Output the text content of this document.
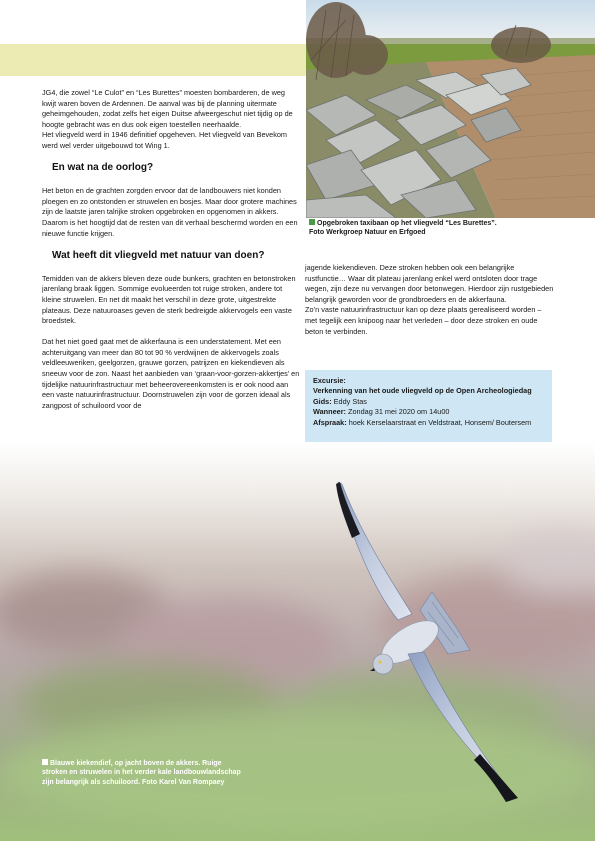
JG4, die zowel “Le Culot” en “Les Burettes” moesten bombarderen, de weg kwijt waren boven de Ardennen. De aanval was bij de planning uitermate geheimgehouden, zodat zelfs het eigen Duitse afweergeschut niet tijdig op de hoogte gebracht was en dus ook eigen toestellen neerhaalde.

Het vliegveld werd in 1946 definitief opgeheven. Het vliegveld van Bevekom werd wel verder uitgebouwd tot Wing 1.

En wat na de oorlog?

Het beton en de grachten zorgden ervoor dat de landbouwers niet konden ploegen en zo ontstonden er struwelen en bosjes. Maar door grotere machines zijn de laatste jaren talrijke stroken opgebroken en opgenomen in akkers. Daarom is het hoogtijd dat de resten van dit verhaal beschermd worden en een nieuwe functie krijgen.

Wat heeft dit vliegveld met natuur van doen?

Temidden van de akkers bleven deze oude bunkers, grachten en betonstroken jarenlang braak liggen. Sommige evolueerden tot ruige stroken, andere tot kleine struwelen. En net dit maakt het verschil in deze grote, uitgestrekte plateaus. Deze natuuroases geven de sterk bedreigde akkervogels een vaste broedstek.

Dat het niet goed gaat met de akkerfauna is een understatement. Met een achteruitgang van meer dan 80 tot 90 % verdwijnen de akkervogels zoals veldleeuweriken, geelgorzen, grauwe gorzen, patrijzen en kiekendieven als sneeuw voor de zon. Naast het aanbieden van ‘graan-voor-gorzen-akkertjes’ en tijdelijke natuurinfrastructuur met beheerovereenkomsten is er ook nood aan een vaste natuurinfrastructuur. Doornstruwelen zijn voor de gorzen ideaal als zangpost of schuiloord voor de

Opgebroken taxibaan op het vliegveld “Les Burettes”.
Foto Werkgroep Natuur en Erfgoed

jagende kiekendieven. Deze stroken hebben ook een belangrijke rustfunctie… Waar dit plateau jarenlang enkel werd ontsloten door trage wegen, zijn deze nu vervangen door betonwegen. Hierdoor zijn rustgebieden belangrijk geworden voor de grondbroeders en de akkerfauna.

Zo’n vaste natuurinfrastructuur kan op deze plaats gerealiseerd worden – met tegelijk een knipoog naar het verleden – door deze stroken en oude beton te verbinden.

Excursie:
Verkenning van het oude vliegveld op de Open Archeologiedag
Gids: Eddy Stas
Wanneer: Zondag 31 mei 2020 om 14u00
Afspraak: hoek Kerselaarstraat en Veldstraat, Honsem/ Boutersem
Blauwe kiekendief, op jacht boven de akkers. Ruige stroken en struwelen in het verder kale landbouwlandschap zijn belangrijk als schuiloord. Foto Karel Van Rompaey
